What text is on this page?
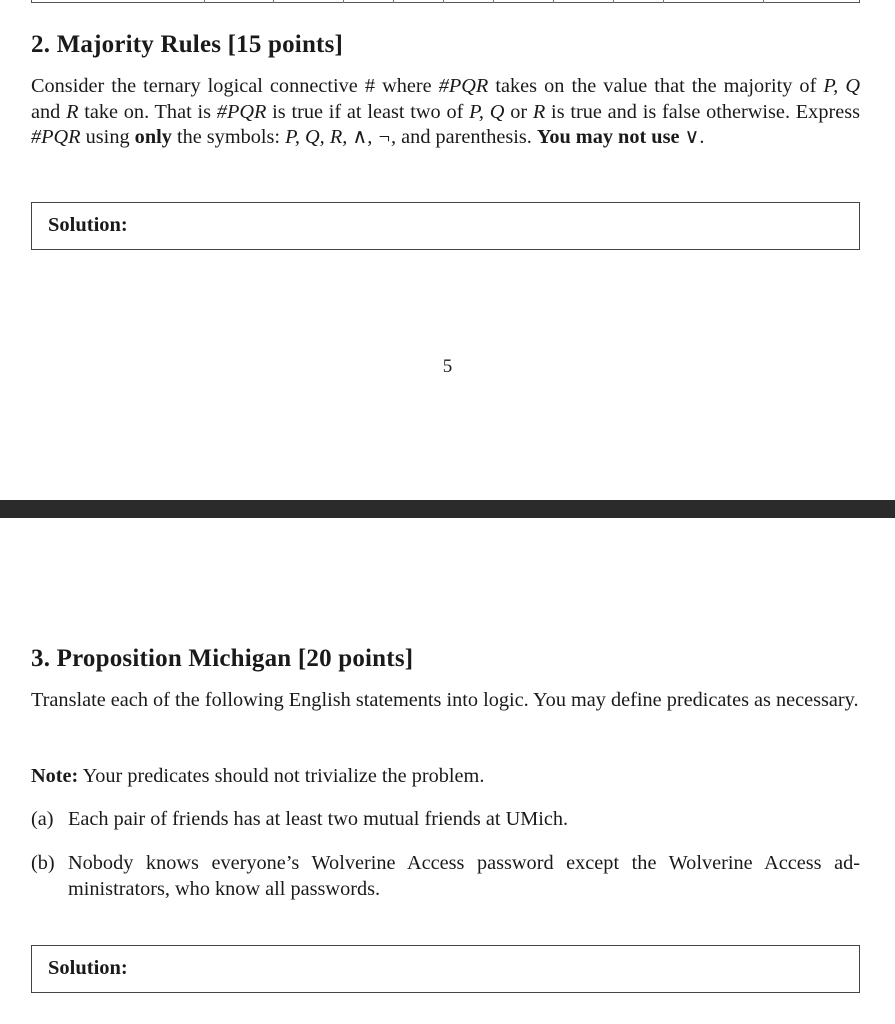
2. Majority Rules [15 points]

Consider the ternary logical connective # where #PQR takes on the value that the majority of P, Q and R take on. That is #PQR is true if at least two of P, Q or R is true and is false otherwise. Express #PQR using only the symbols: P, Q, R, ∧, ¬, and parenthesis. You may not use ∨.

Solution:
5
3. Proposition Michigan [20 points]

Translate each of the following English statements into logic. You may define predicates as necessary.

Note: Your predicates should not trivialize the problem.

(a) Each pair of friends has at least two mutual friends at UMich.
(b) Nobody knows everyone’s Wolverine Access password except the Wolverine Access ad-ministrators, who know all passwords.
Solution:
